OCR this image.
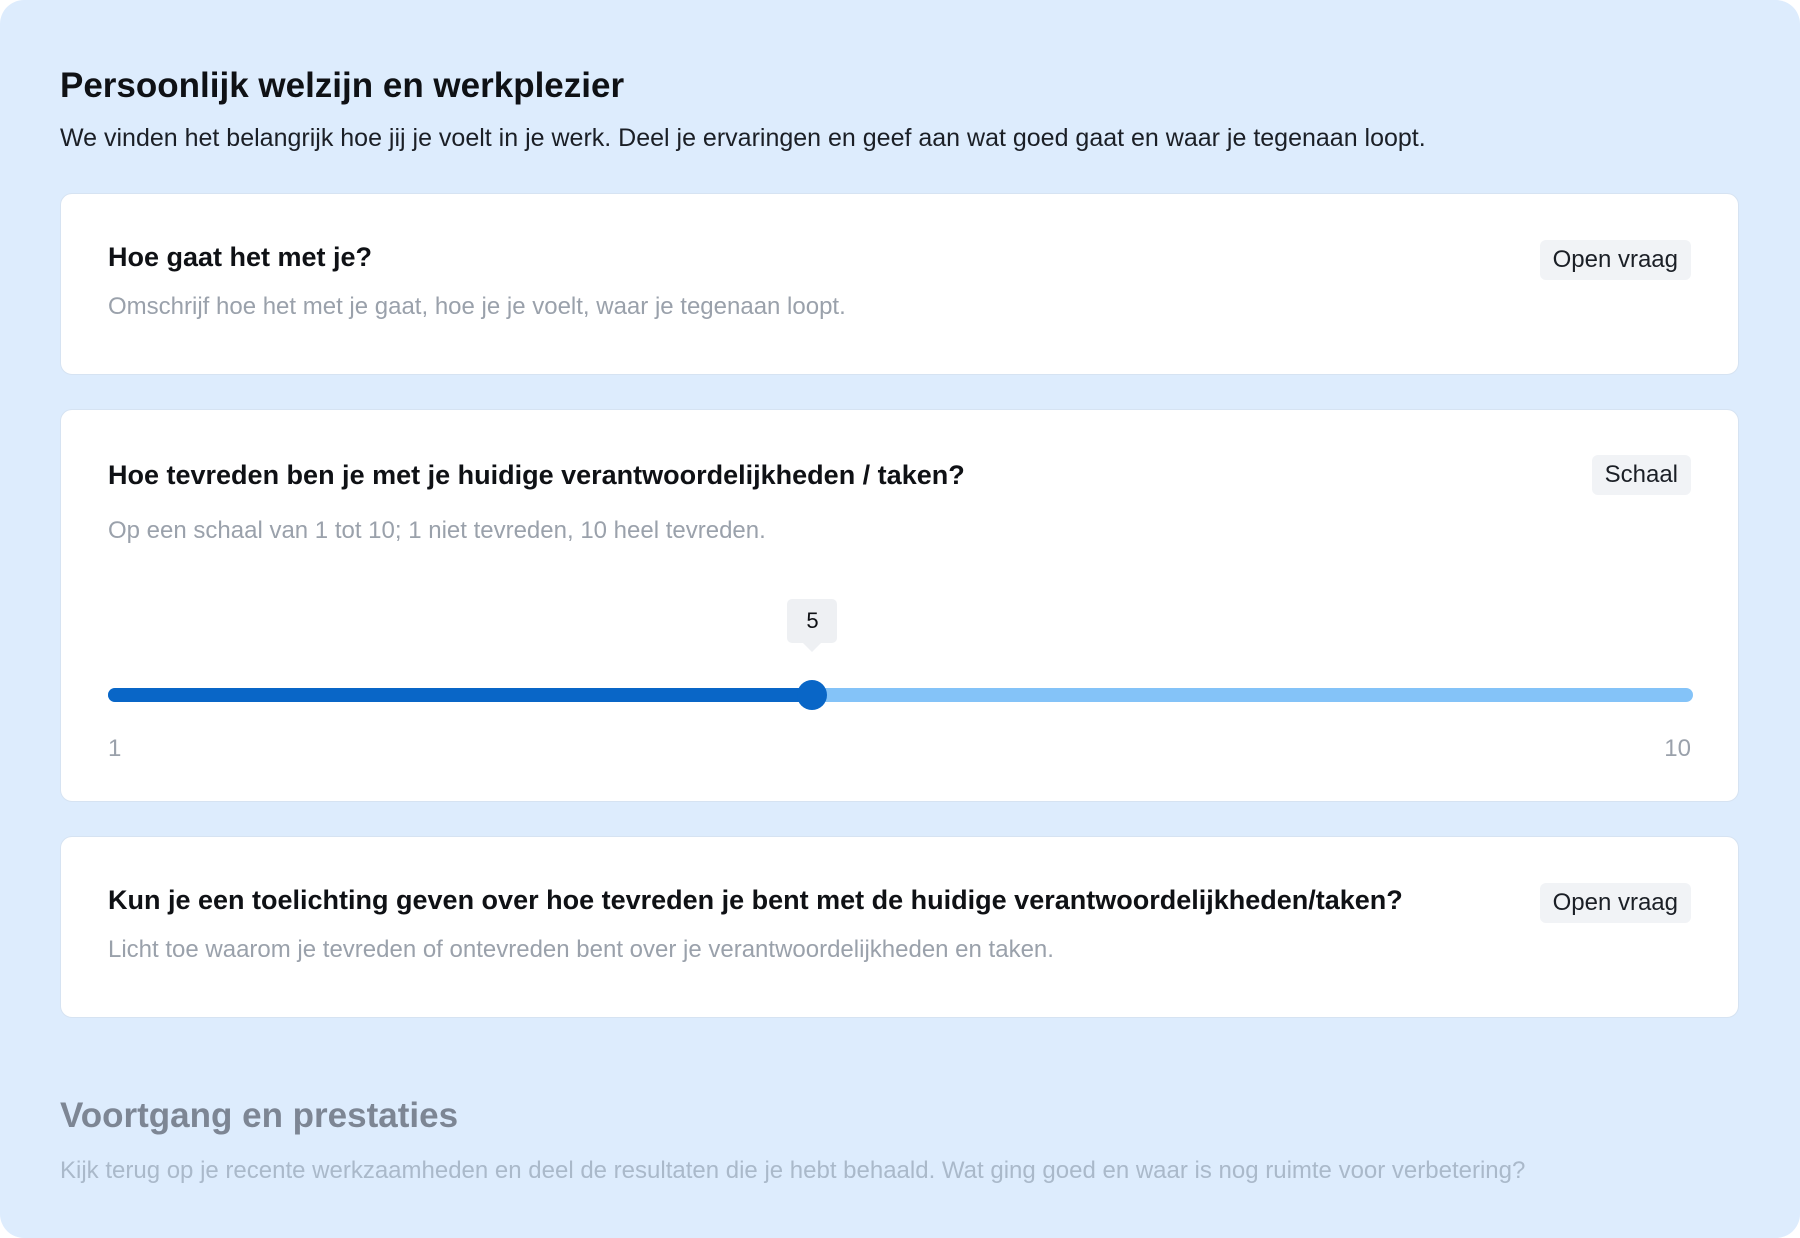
Persoonlijk welzijn en werkplezier

We vinden het belangrijk hoe jij je voelt in je werk. Deel je ervaringen en geef aan wat goed gaat en waar je tegenaan loopt.

Hoe gaat het met je?	Open vraag
Omschrijf hoe het met je gaat, hoe je je voelt, waar je tegenaan loopt.
Hoe tevreden ben je met je huidige verantwoordelijkheden / taken?	Schaal

Op een schaal van 1 tot 10; 1 niet tevreden, 10 heel tevreden.

5
1	10
Kun je een toelichting geven over hoe tevreden je bent met de huidige verantwoordelijkheden/taken?	Open vraag
Licht toe waarom je tevreden of ontevreden bent over je verantwoordelijkheden en taken.
Voortgang en prestaties

Kijk terug op je recente werkzaamheden en deel de resultaten die je hebt behaald. Wat ging goed en waar is nog ruimte voor verbetering?
